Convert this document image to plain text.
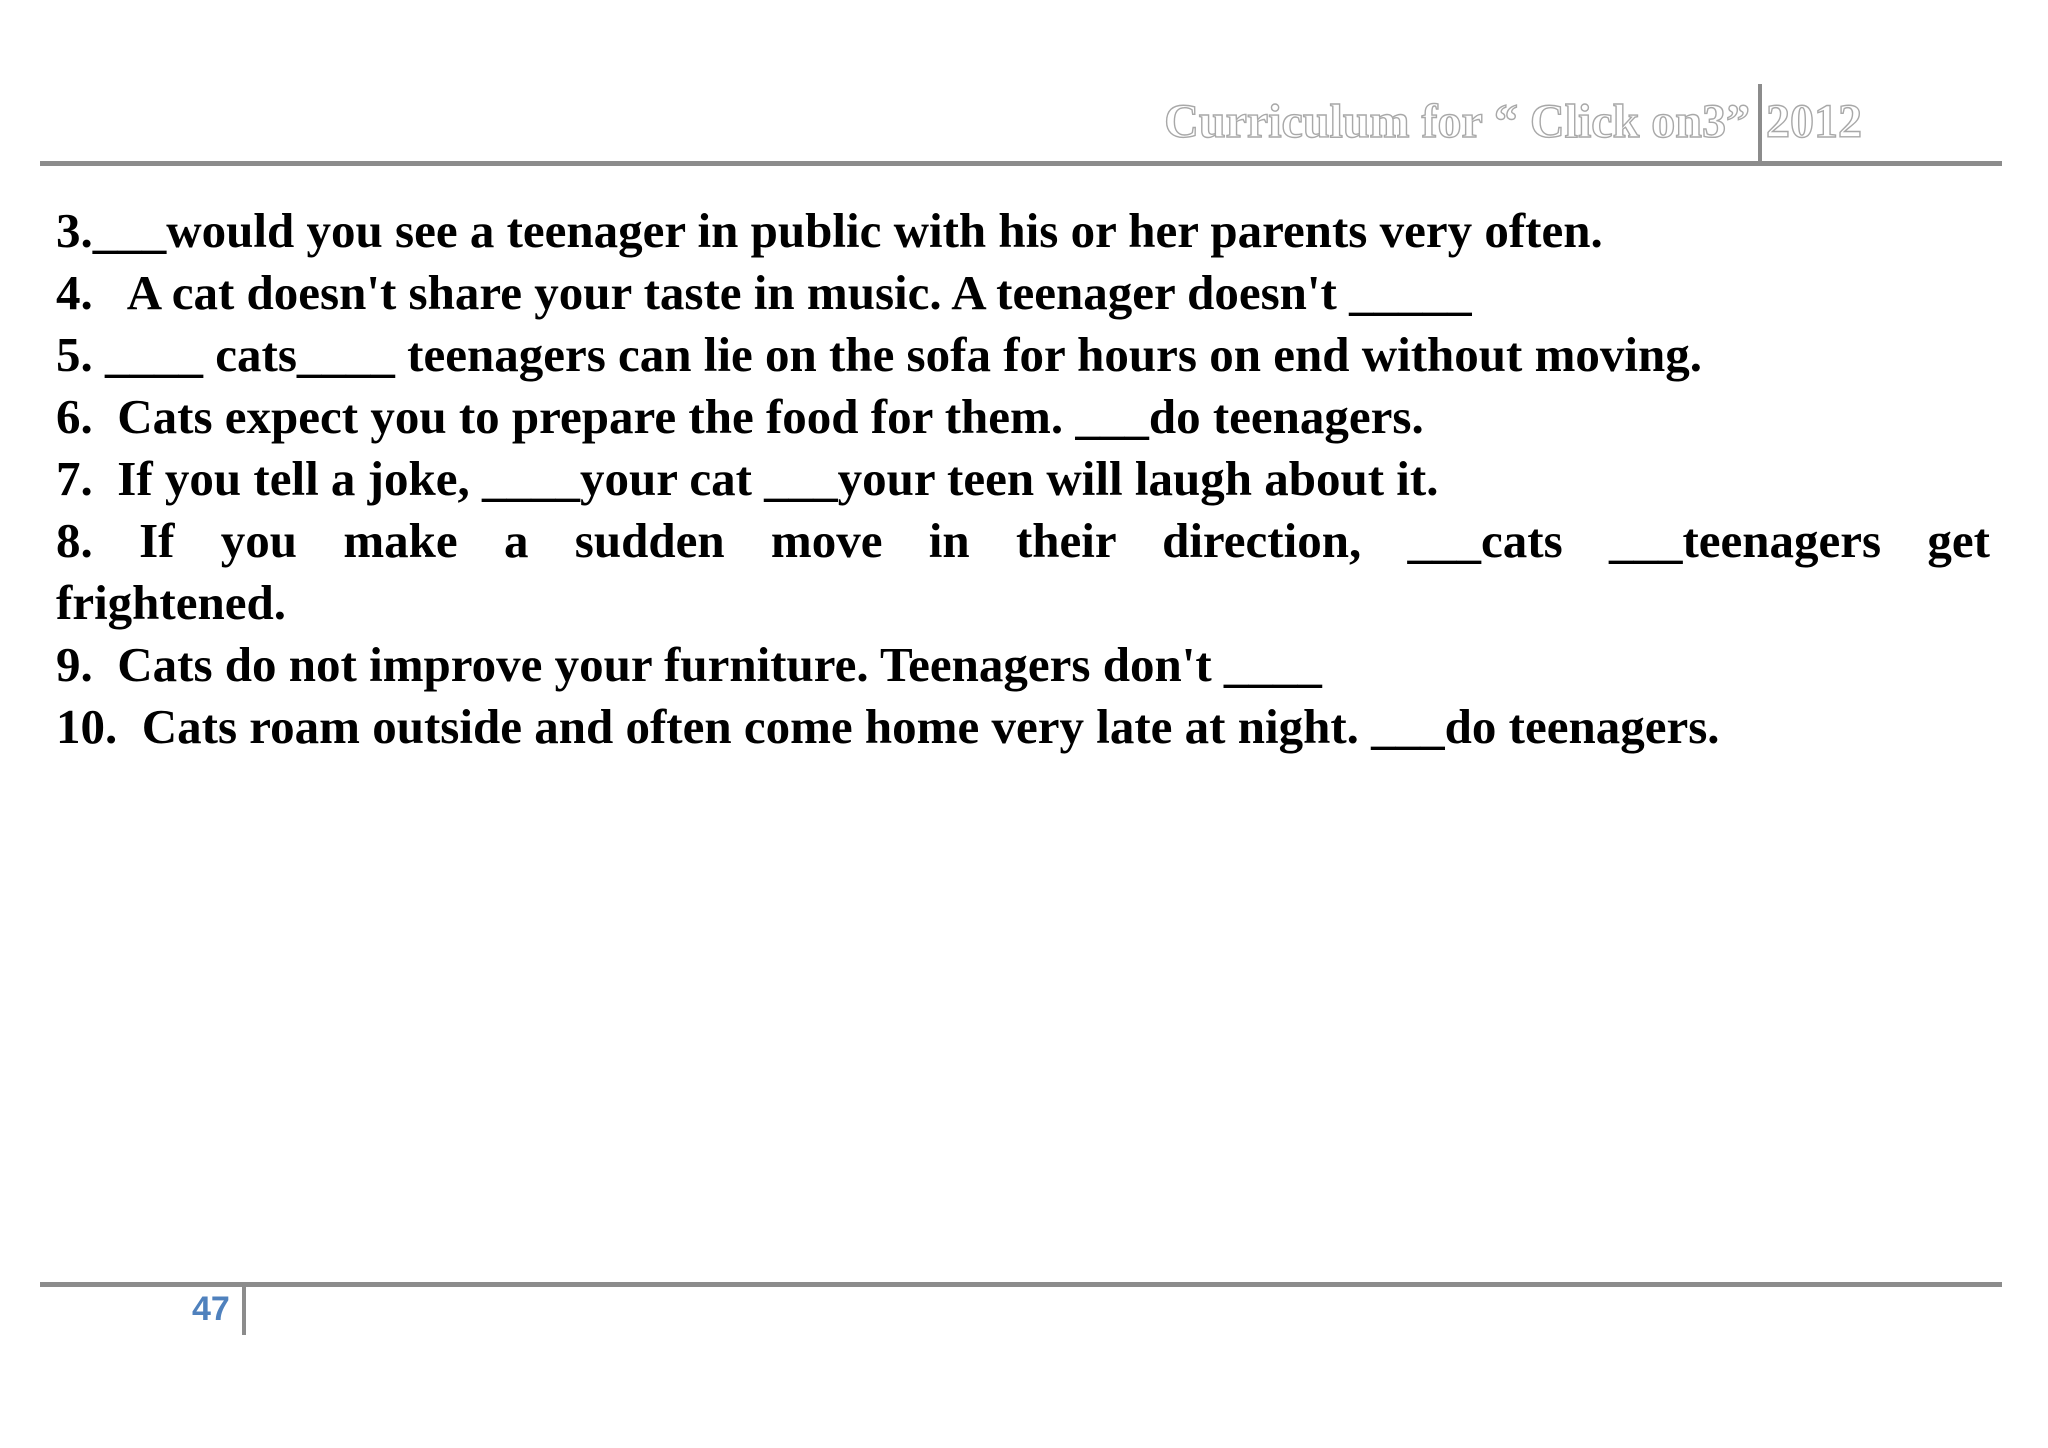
Curriculum for “ Click on3” 2012

3.___would you see a teenager in public with his or her parents very often.

4.   A cat doesn't share your taste in music. A teenager doesn't _____

5. ____ cats____ teenagers can lie on the sofa for hours on end without moving.

6.  Cats expect you to prepare the food for them. ___do teenagers.

7.  If you tell a joke, ____your cat ___your teen will laugh about it.

8. If you make a sudden move in their direction, ___cats ___teenagers get

frightened.

9.  Cats do not improve your furniture. Teenagers don't ____

10.  Cats roam outside and often come home very late at night. ___do teenagers.

47
